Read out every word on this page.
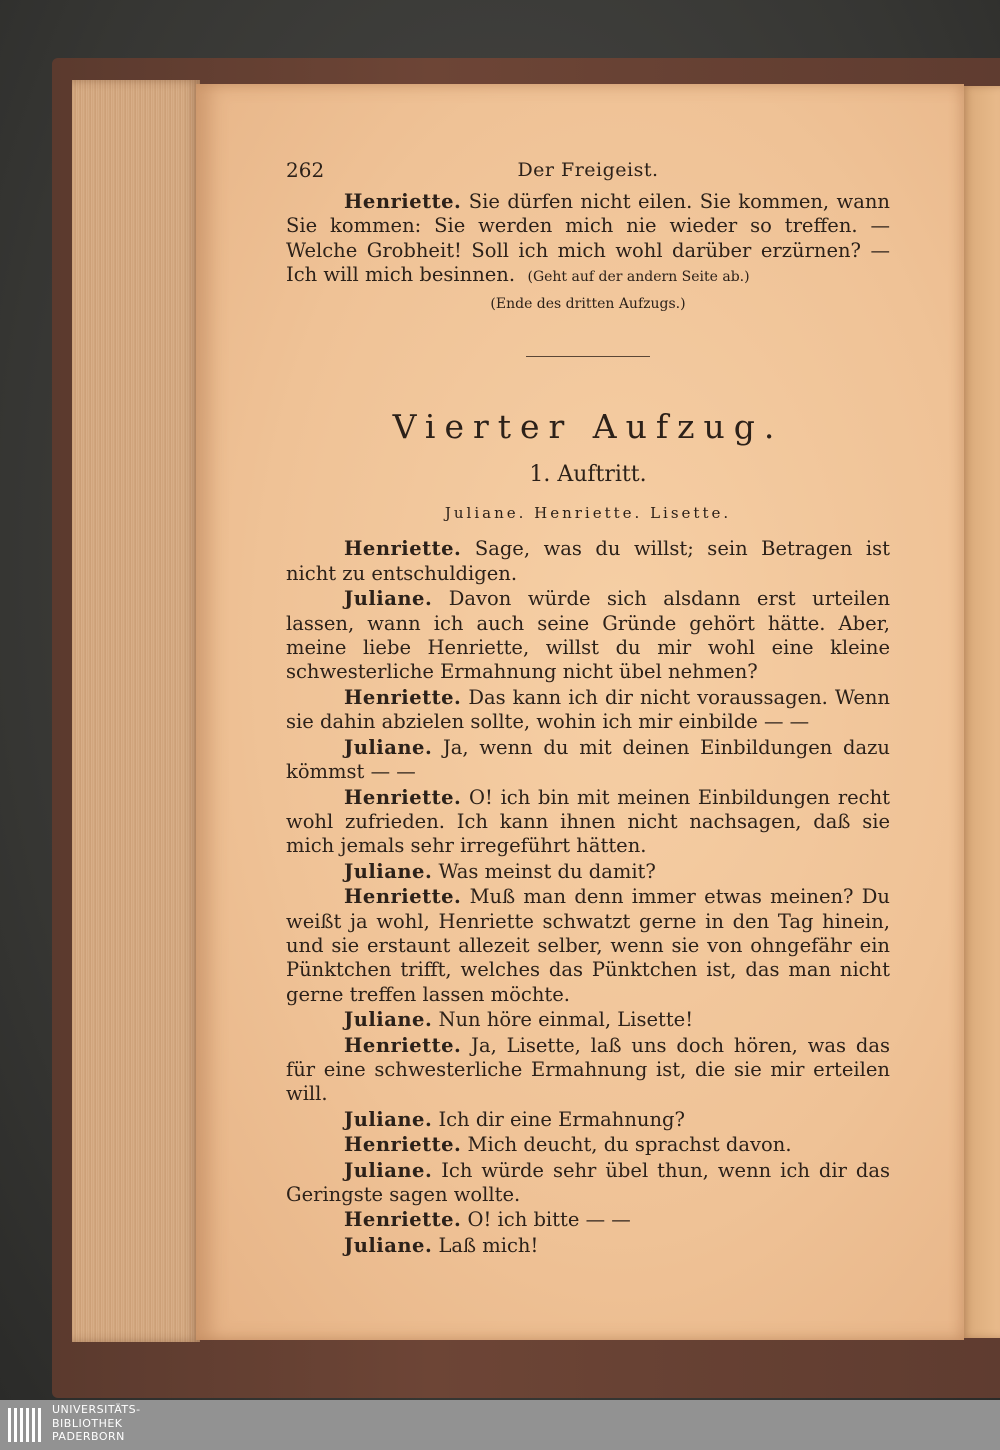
262	Der Freigeist.

Henriette. Sie dürfen nicht eilen. Sie kommen, wann Sie kommen: Sie werden mich nie wieder so treffen. — Welche Grobheit! Soll ich mich wohl darüber erzürnen? — Ich will mich besinnen. (Geht auf der andern Seite ab.)

(Ende des dritten Aufzugs.)
Vierter Aufzug.
1. Auftritt.
Juliane. Henriette. Lisette.

Henriette. Sage, was du willst; sein Betragen ist nicht zu entschuldigen.

Juliane. Davon würde sich alsdann erst urteilen lassen, wann ich auch seine Gründe gehört hätte. Aber, meine liebe Henriette, willst du mir wohl eine kleine schwesterliche Ermahnung nicht übel nehmen?

Henriette. Das kann ich dir nicht voraussagen. Wenn sie dahin abzielen sollte, wohin ich mir einbilde — —

Juliane. Ja, wenn du mit deinen Einbildungen dazu kömmst — —

Henriette. O! ich bin mit meinen Einbildungen recht wohl zufrieden. Ich kann ihnen nicht nachsagen, daß sie mich jemals sehr irregeführt hätten.

Juliane. Was meinst du damit?

Henriette. Muß man denn immer etwas meinen? Du weißt ja wohl, Henriette schwatzt gerne in den Tag hinein, und sie erstaunt allezeit selber, wenn sie von ohngefähr ein Pünktchen trifft, welches das Pünktchen ist, das man nicht gerne treffen lassen möchte.

Juliane. Nun höre einmal, Lisette!

Henriette. Ja, Lisette, laß uns doch hören, was das für eine schwesterliche Ermahnung ist, die sie mir erteilen will.

Juliane. Ich dir eine Ermahnung?

Henriette. Mich deucht, du sprachst davon.

Juliane. Ich würde sehr übel thun, wenn ich dir das Geringste sagen wollte.

Henriette. O! ich bitte — —

Juliane. Laß mich!

UNIVERSITÄTS-
BIBLIOTHEK
PADERBORN
